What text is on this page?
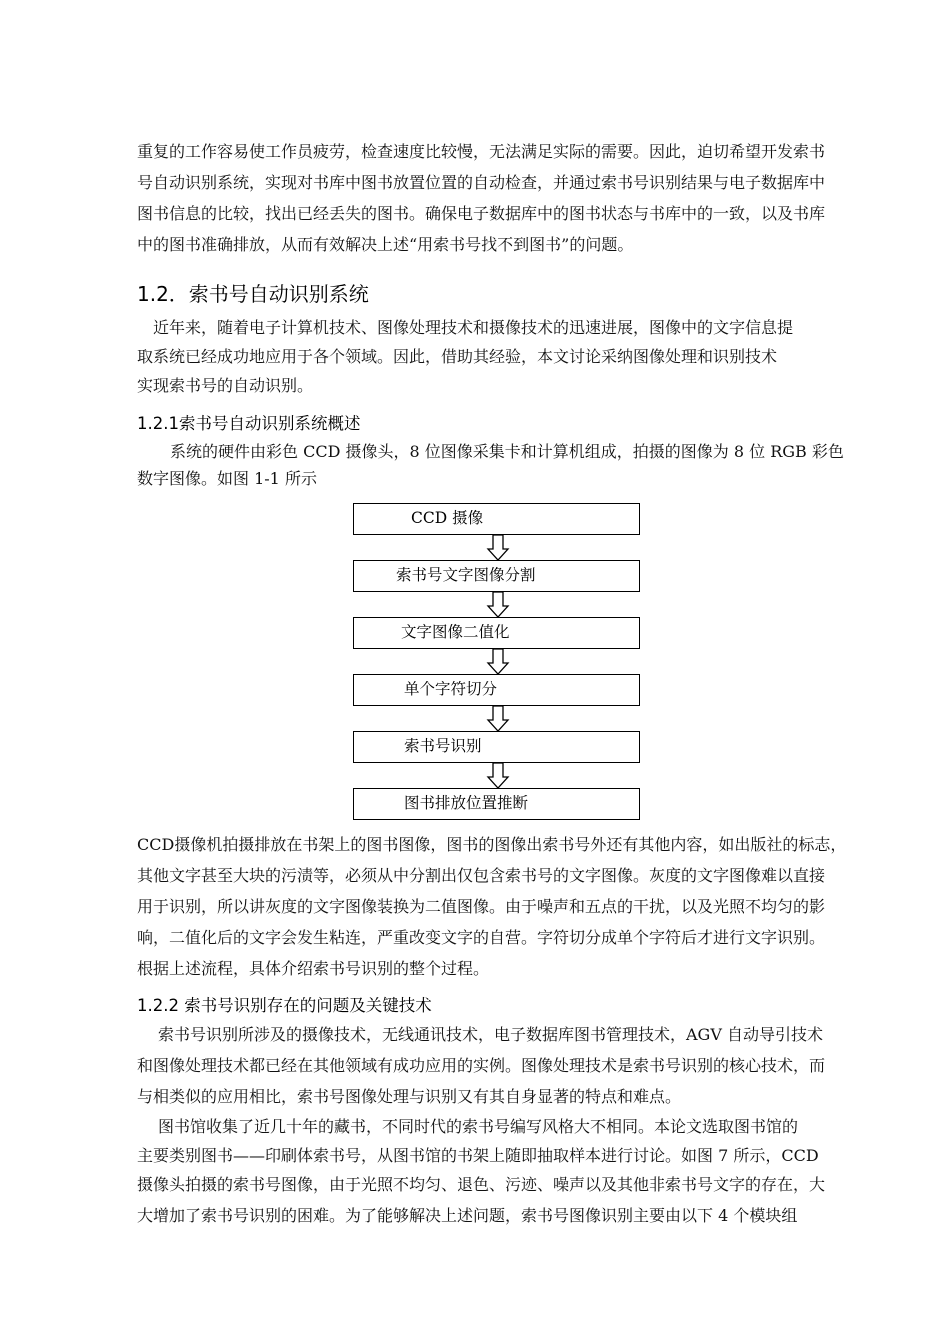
重复的工作容易使工作员疲劳，检查速度比较慢，无法满足实际的需要。因此，迫切希望开发索书

号自动识别系统，实现对书库中图书放置位置的自动检查，并通过索书号识别结果与电子数据库中

图书信息的比较，找出已经丢失的图书。确保电子数据库中的图书状态与书库中的一致，以及书库

中的图书准确排放，从而有效解决上述“用索书号找不到图书”的问题。

1.2．索书号自动识别系统

近年来，随着电子计算机技术、图像处理技术和摄像技术的迅速进展，图像中的文字信息提

取系统已经成功地应用于各个领域。因此，借助其经验，本文讨论采纳图像处理和识别技术

实现索书号的自动识别。

1.2.1索书号自动识别系统概述

系统的硬件由彩色 CCD 摄像头，8 位图像采集卡和计算机组成，拍摄的图像为 8 位 RGB 彩色

数字图像。如图 1-1 所示

CCD 摄像
索书号文字图像分割
文字图像二值化
单个字符切分
索书号识别
图书排放位置推断

CCD摄像机拍摄排放在书架上的图书图像，图书的图像出索书号外还有其他内容，如出版社的标志，

其他文字甚至大块的污渍等，必须从中分割出仅包含索书号的文字图像。灰度的文字图像难以直接

用于识别，所以讲灰度的文字图像装换为二值图像。由于噪声和五点的干扰，以及光照不均匀的影

响，二值化后的文字会发生粘连，严重改变文字的自营。字符切分成单个字符后才进行文字识别。

根据上述流程，具体介绍索书号识别的整个过程。

1.2.2 索书号识别存在的问题及关键技术

索书号识别所涉及的摄像技术，无线通讯技术，电子数据库图书管理技术，AGV 自动导引技术

和图像处理技术都已经在其他领域有成功应用的实例。图像处理技术是索书号识别的核心技术，而

与相类似的应用相比，索书号图像处理与识别又有其自身显著的特点和难点。

图书馆收集了近几十年的藏书，不同时代的索书号编写风格大不相同。本论文选取图书馆的

主要类别图书——印刷体索书号，从图书馆的书架上随即抽取样本进行讨论。如图 7 所示，CCD

摄像头拍摄的索书号图像，由于光照不均匀、退色、污迹、噪声以及其他非索书号文字的存在，大

大增加了索书号识别的困难。为了能够解决上述问题，索书号图像识别主要由以下 4 个模块组
